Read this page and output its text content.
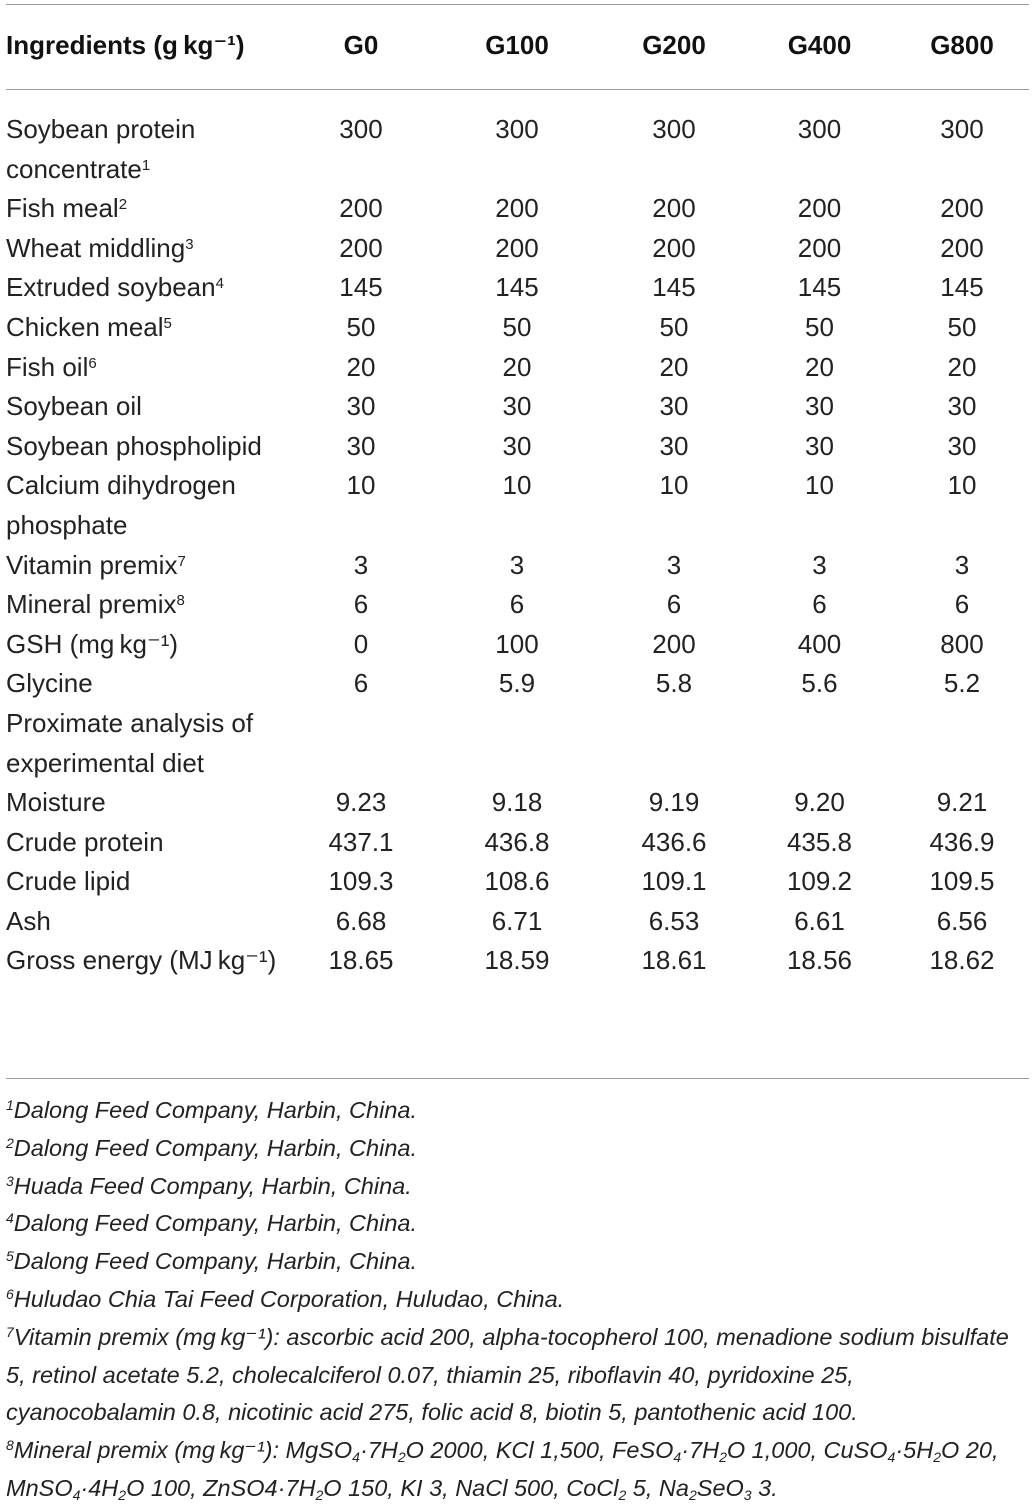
Ingredients (g kg⁻¹)	G0	G100	G200	G400	G800
Soybean protein concentrate$^1$	300	300	300	300	300
Fish meal$^2$	200	200	200	200	200
Wheat middling$^3$	200	200	200	200	200
Extruded soybean$^4$	145	145	145	145	145
Chicken meal$^5$	50	50	50	50	50
Fish oil$^6$	20	20	20	20	20
Soybean oil	30	30	30	30	30
Soybean phospholipid	30	30	30	30	30
Calcium dihydrogen phosphate	10	10	10	10	10
Vitamin premix$^7$	3	3	3	3	3
Mineral premix$^8$	6	6	6	6	6
GSH (mg kg⁻¹)	0	100	200	400	800
Glycine	6	5.9	5.8	5.6	5.2
Proximate analysis of experimental diet					
Moisture	9.23	9.18	9.19	9.20	9.21
Crude protein	437.1	436.8	436.6	435.8	436.9
Crude lipid	109.3	108.6	109.1	109.2	109.5
Ash	6.68	6.71	6.53	6.61	6.56
Gross energy (MJ kg⁻¹)	18.65	18.59	18.61	18.56	18.62

$^1$Dalong Feed Company, Harbin, China.

$^2$Dalong Feed Company, Harbin, China.

$^3$Huada Feed Company, Harbin, China.

$^4$Dalong Feed Company, Harbin, China.

$^5$Dalong Feed Company, Harbin, China.

$^6$Huludao Chia Tai Feed Corporation, Huludao, China.

$^7$Vitamin premix (mg kg⁻¹): ascorbic acid 200, alpha-tocopherol 100, menadione sodium bisulfate 5, retinol acetate 5.2, cholecalciferol 0.07, thiamin 25, riboflavin 40, pyridoxine 25, cyanocobalamin 0.8, nicotinic acid 275, folic acid 8, biotin 5, pantothenic acid 100.

$^8$Mineral premix (mg kg⁻¹): $MgSO_4\cdot 7H_2O$ 2000, KCl 1,500, $FeSO_4\cdot 7H_2O$ 1,000, $CuSO_4\cdot 5H_2O$ 20, $MnSO_4\cdot 4H_2O$ 100, $ZnSO4\cdot 7H_2O$ 150, KI 3, NaCl 500, CoCl$_2$ 5, $Na_2SeO_3$ 3.
